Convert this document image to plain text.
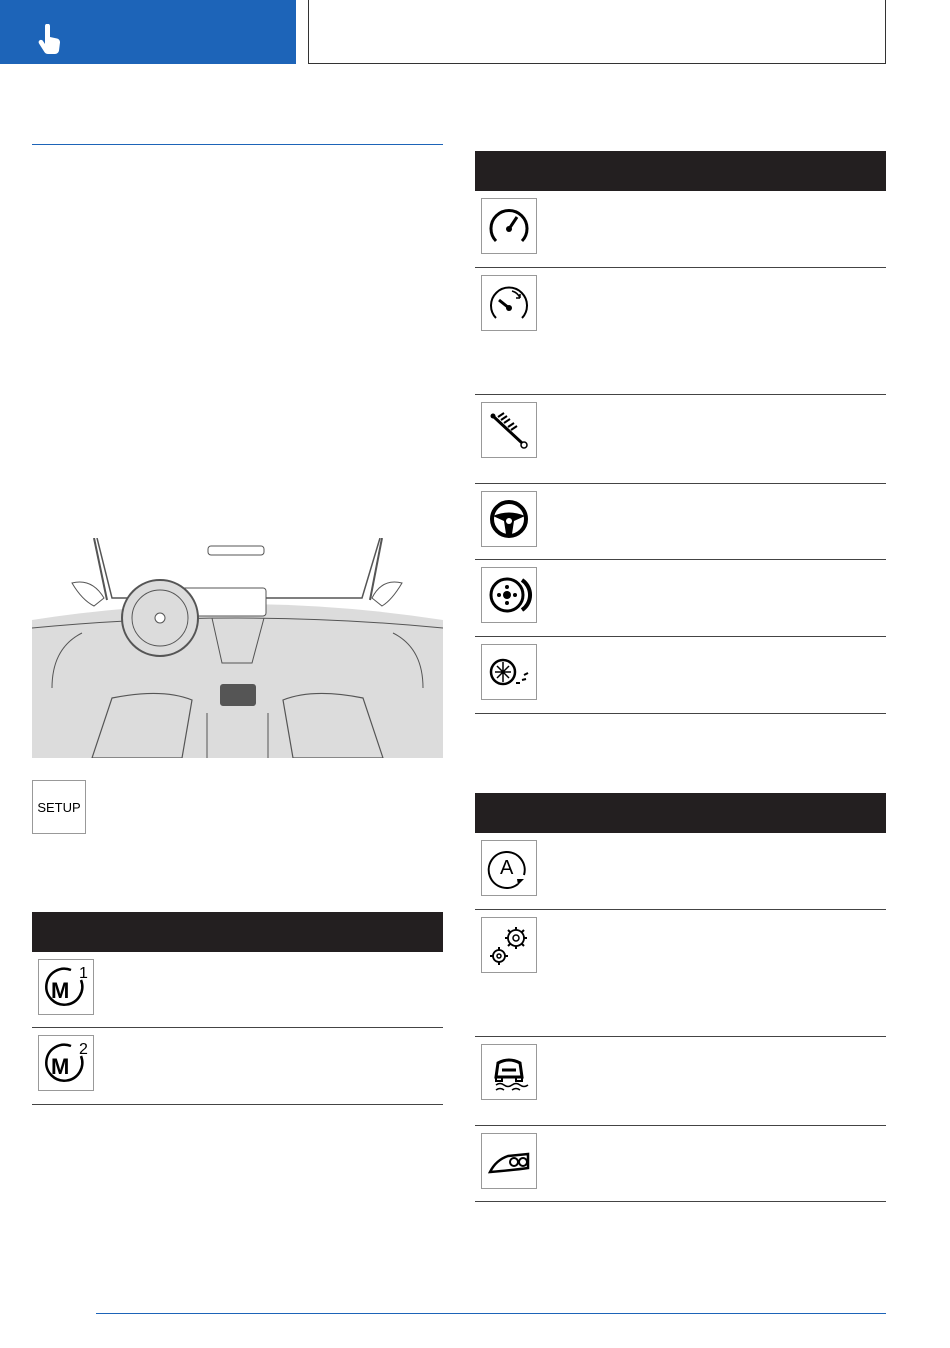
SETUP
M
1
M
2
A
